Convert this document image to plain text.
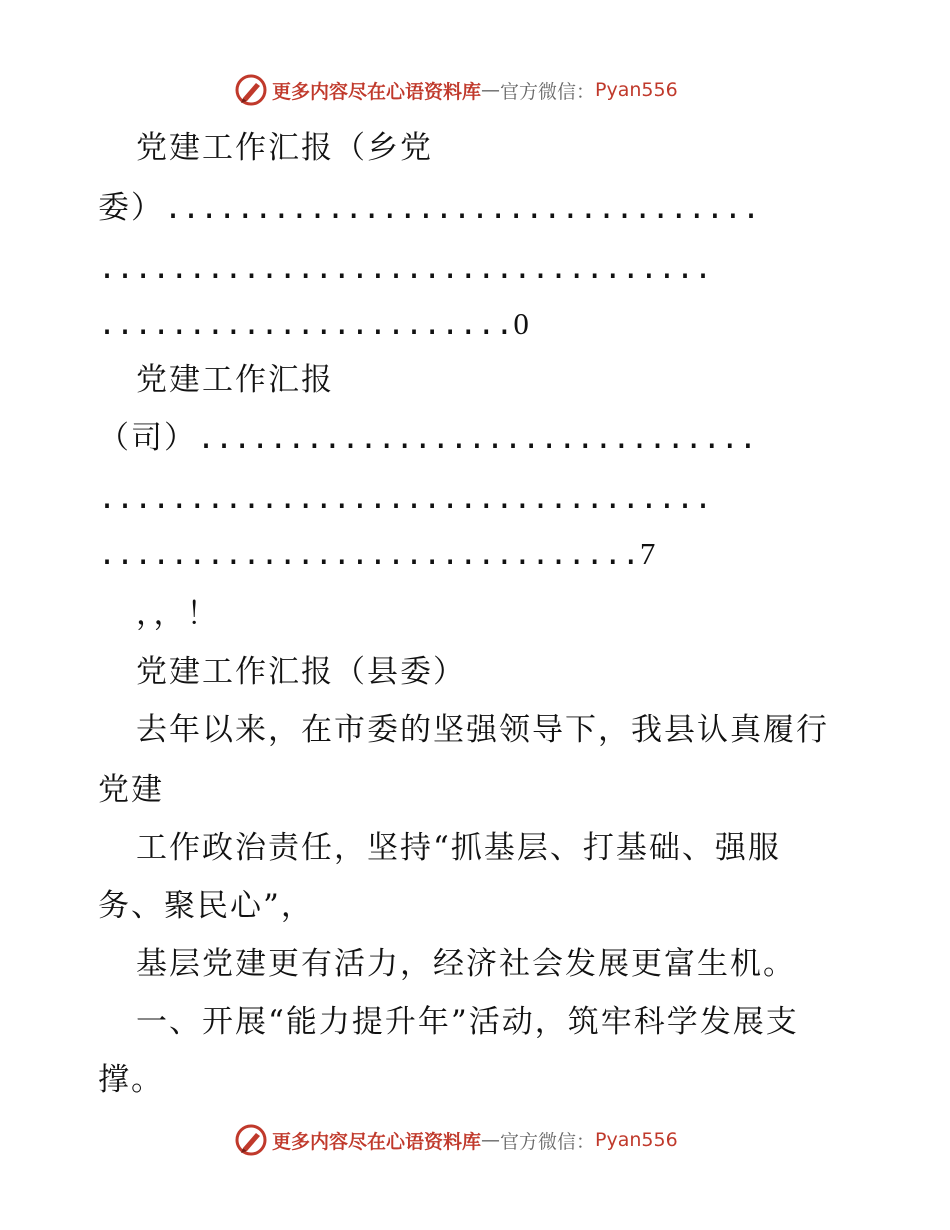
更多内容尽在心语资料库 — 官方微信： Pyan556
党建工作汇报（乡党
委）.................................
..................................
.......................0
党建工作汇报
（司）...............................
..................................
..............................7
，，！
党建工作汇报（县委）
去年以来，在市委的坚强领导下，我县认真履行
党建
工作政治责任，坚持“抓基层、打基础、强服
务、聚民心”，
基层党建更有活力，经济社会发展更富生机。
一、开展“能力提升年”活动，筑牢科学发展支
撑。
更多内容尽在心语资料库 — 官方微信： Pyan556
